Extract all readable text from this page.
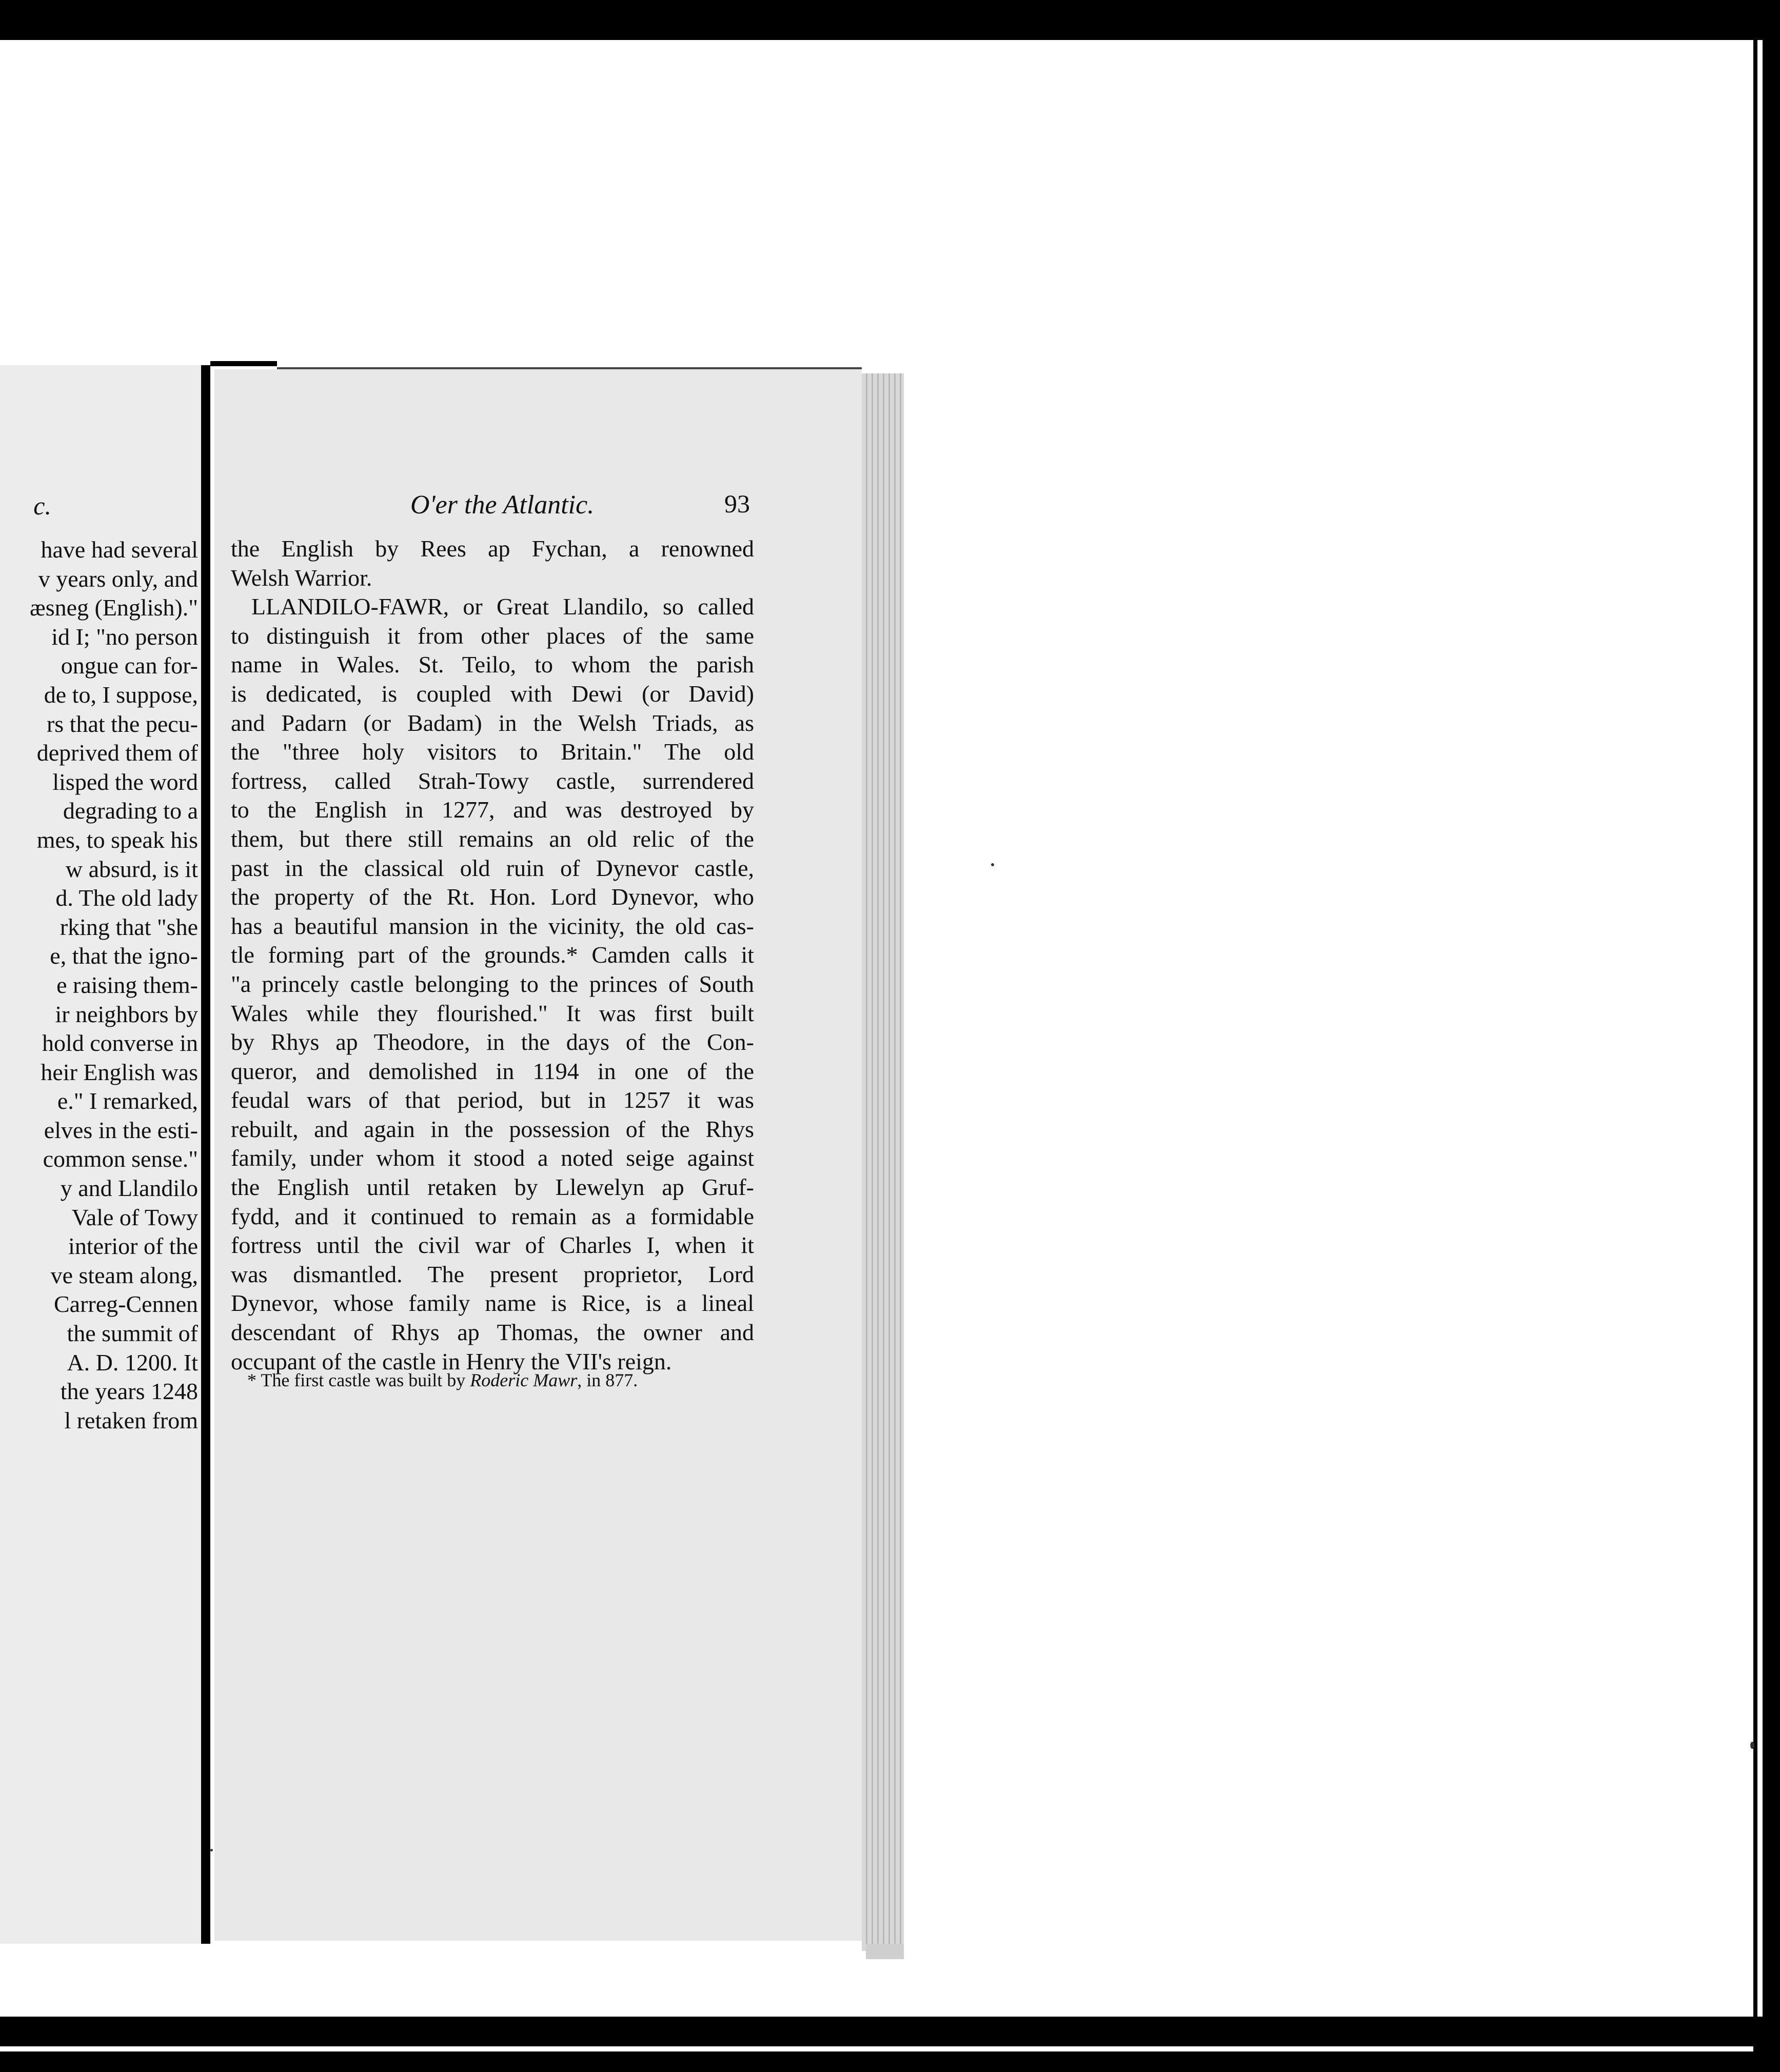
c.
have had several
v years only, and
æsneg (English)."
id I; "no person
ongue can for-
de to, I suppose,
rs that the pecu-
deprived them of
lisped the word
degrading to a
mes, to speak his
w absurd, is it
d. The old lady
rking that "she
e, that the igno-
e raising them-
ir neighbors by
hold converse in
heir English was
e." I remarked,
elves in the esti-
common sense."
y and Llandilo
Vale of Towy
interior of the
ve steam along,
Carreg-Cennen
the summit of
A. D. 1200. It
the years 1248
l retaken from
O'er the Atlantic.	93
the English by Rees ap Fychan, a renowned
Welsh Warrior.
LLANDILO-FAWR, or Great Llandilo, so called
to distinguish it from other places of the same
name in Wales. St. Teilo, to whom the parish
is dedicated, is coupled with Dewi (or David)
and Padarn (or Badam) in the Welsh Triads, as
the "three holy visitors to Britain." The old
fortress, called Strah-Towy castle, surrendered
to the English in 1277, and was destroyed by
them, but there still remains an old relic of the
past in the classical old ruin of Dynevor castle,
the property of the Rt. Hon. Lord Dynevor, who
has a beautiful mansion in the vicinity, the old cas-
tle forming part of the grounds.* Camden calls it
"a princely castle belonging to the princes of South
Wales while they flourished." It was first built
by Rhys ap Theodore, in the days of the Con-
queror, and demolished in 1194 in one of the
feudal wars of that period, but in 1257 it was
rebuilt, and again in the possession of the Rhys
family, under whom it stood a noted seige against
the English until retaken by Llewelyn ap Gruf-
fydd, and it continued to remain as a formidable
fortress until the civil war of Charles I, when it
was dismantled. The present proprietor, Lord
Dynevor, whose family name is Rice, is a lineal
descendant of Rhys ap Thomas, the owner and
occupant of the castle in Henry the VII's reign.
* The first castle was built by Roderic Mawr, in 877.
